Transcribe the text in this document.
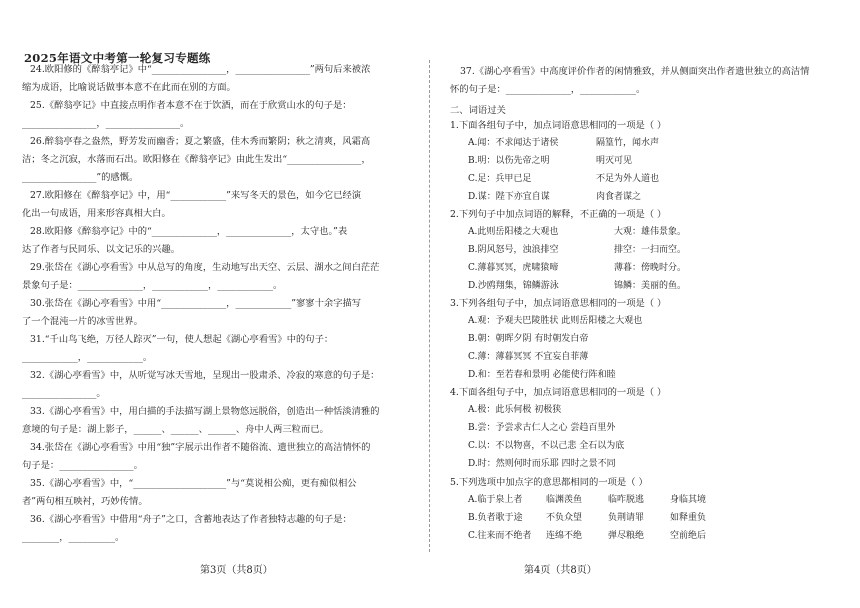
2025年语文中考第一轮复习专题练
24.欧阳修的《醉翁亭记》中“________________，________________”两句后来被浓
缩为成语，比喻说话做事本意不在此而在别的方面。
25.《醉翁亭记》中直接点明作者本意不在于饮酒，而在于欣赏山水的句子是：
________________，________________。
26.醉翁亭春之盎然，野芳发而幽香；夏之繁盛，佳木秀而繁阴；秋之清爽，风霜高
洁；冬之沉寂，水落而石出。欧阳修在《醉翁亭记》由此生发出“________________，
________________”的感慨。
27.欧阳修在《醉翁亭记》中，用“____________”来写冬天的景色，如今它已经演
化出一句成语，用来形容真相大白。
28.欧阳修《醉翁亭记》中的“______________，______________，太守也。”表
达了作者与民同乐、以文记乐的兴趣。
29.张岱在《湖心亭看雪》中从总写的角度，生动地写出天空、云层、湖水之间白茫茫
景象句子是：______________，____________，____________。
30.张岱在《湖心亭看雪》中用“______________，____________”寥寥十余字描写
了一个混沌一片的冰雪世界。
31.“千山鸟飞绝，万径人踪灭”一句，使人想起《湖心亭看雪》中的句子：
____________，____________。
32.《湖心亭看雪》中，从听觉写冰天雪地，呈现出一股肃杀、冷寂的寒意的句子是：
________________。
33.《湖心亭看雪》中，用白描的手法描写湖上景物悠远脱俗，创造出一种恬淡清雅的
意境的句子是：湖上影子，______、______、______、舟中人两三粒而已。
34.张岱在《湖心亭看雪》中用“独”字展示出作者不随俗流、遗世独立的高洁情怀的
句子是：________________。
35.《湖心亭看雪》中，“____________________”与“莫说相公痴，更有痴似相公
者”两句相互映衬，巧妙传情。
36.《湖心亭看雪》中借用“舟子”之口，含蓄地表达了作者独特志趣的句子是：
________，__________。
第3页（共8页）
37.《湖心亭看雪》中高度评价作者的闲情雅致，并从侧面突出作者遗世独立的高洁情
怀的句子是：______________，____________。
二、词语过关
1.下面各组句子中，加点词语意思相同的一项是（ ）
A.闻：不求闻达于诸侯	隔篁竹，闻水声
B.明：以伤先帝之明	明灭可见
C.足：兵甲已足	不足为外人道也
D.谋：陛下亦宜自谋	肉食者谋之
2.下列句子中加点词语的解释，不正确的一项是（ ）
A.此则岳阳楼之大观也	大观：雄伟景象。
B.阴风怒号，浊浪排空	排空：一扫而空。
C.薄暮冥冥，虎啸猿啼	薄暮：傍晚时分。
D.沙鸥翔集，锦鳞游泳	锦鳞：美丽的鱼。
3.下列各组句子中，加点词语意思相同的一项是（ ）
A.观：予观夫巴陵胜状 此则岳阳楼之大观也
B.朝：朝晖夕阴 有时朝发白帝
C.薄：薄暮冥冥 不宜妄自菲薄
D.和：至若春和景明 必能使行阵和睦
4.下面各组句子中，加点词语意思相同的一项是（ ）
A.极：此乐何极 初极狭
B.尝：予尝求古仁人之心 尝趋百里外
C.以：不以物喜，不以己悲 全石以为底
D.时：然则何时而乐耶 四时之景不同
5.下列选项中加点字的意思都相同的一项是（ ）
A.临于泉上者	临渊羡鱼	临咋脱逃	身临其境
B.负者歌于途	不负众望	负荆请罪	如释重负
C.往来而不绝者 连绵不绝	弹尽粮绝	空前绝后
第4页（共8页）
